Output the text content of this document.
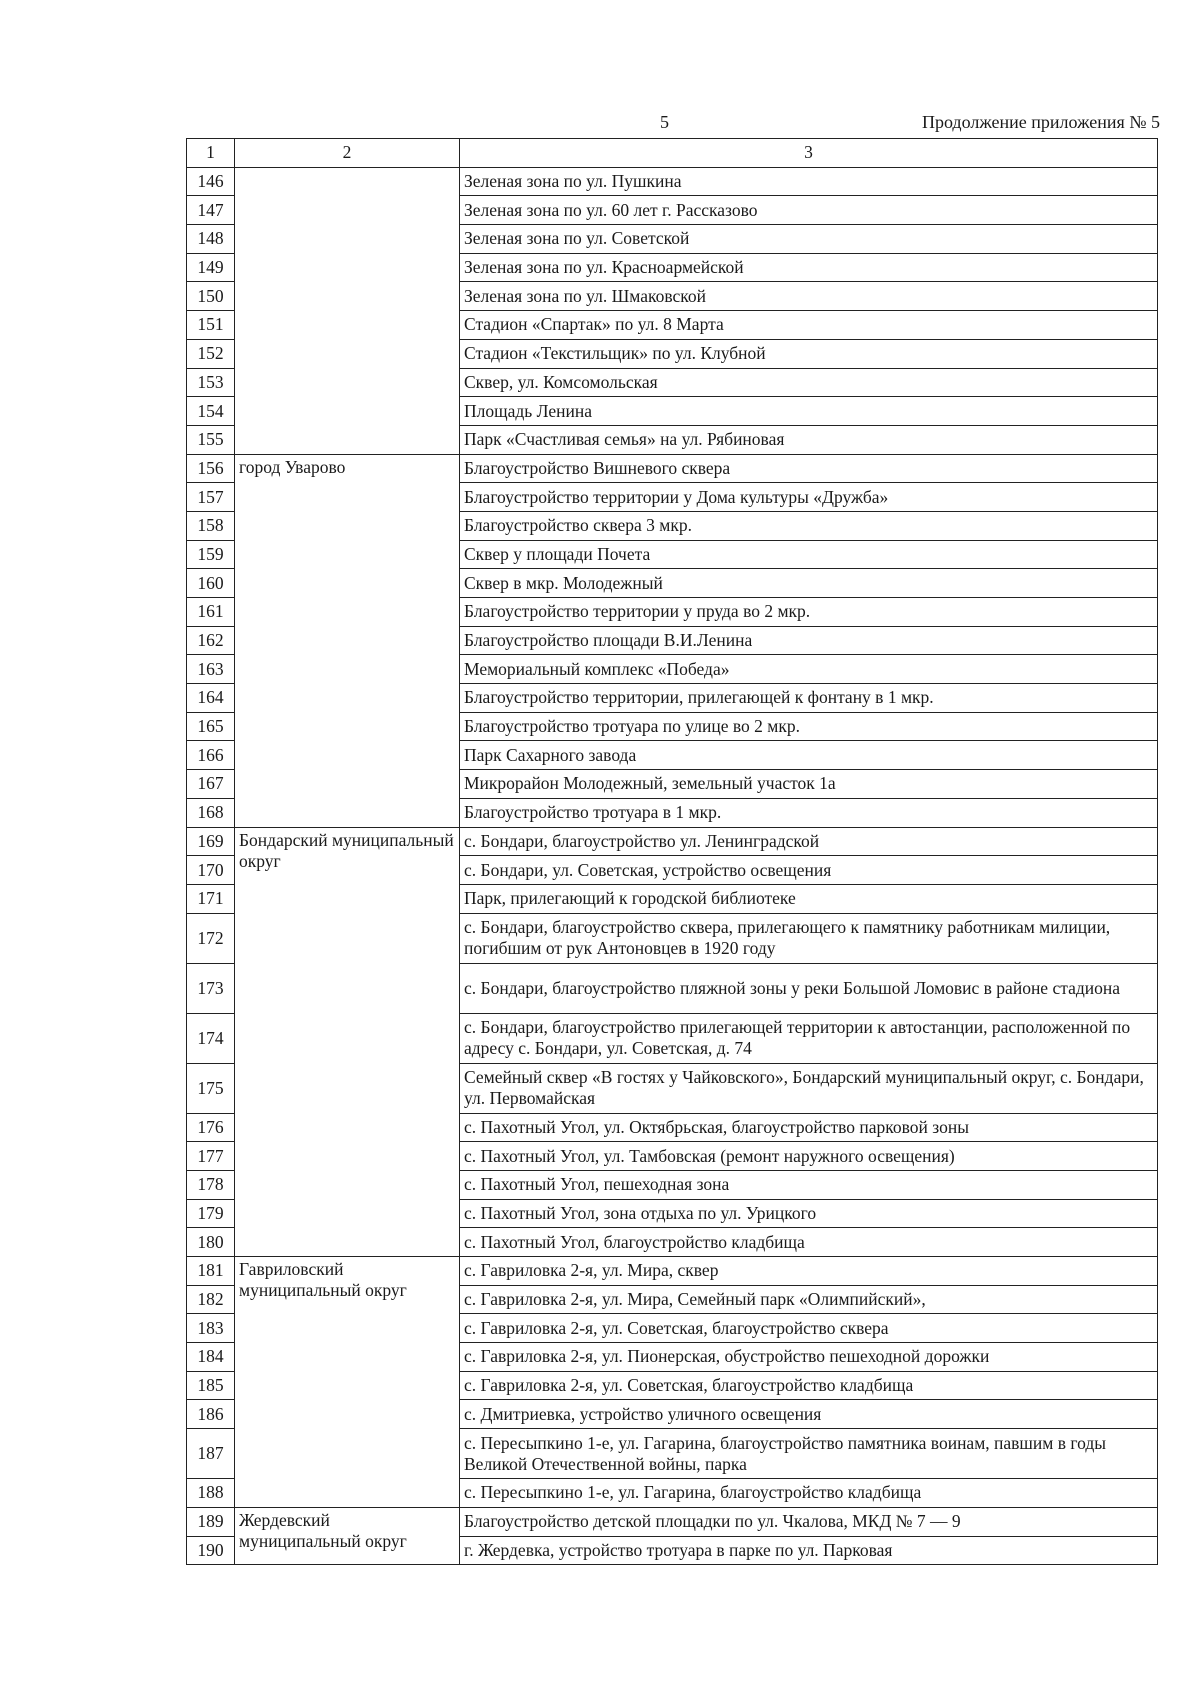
5	Продолжение приложения № 5
1	2	3
146		Зеленая зона по ул. Пушкина
147		Зеленая зона по ул. 60 лет г. Рассказово
148		Зеленая зона по ул. Советской
149		Зеленая зона по ул. Красноармейской
150		Зеленая зона по ул. Шмаковской
151		Стадион «Спартак» по ул. 8 Марта
152		Стадион «Текстильщик» по ул. Клубной
153		Сквер, ул. Комсомольская
154		Площадь Ленина
155		Парк «Счастливая семья» на ул. Рябиновая
156	город Уварово	Благоустройство Вишневого сквера
157		Благоустройство территории у Дома культуры «Дружба»
158		Благоустройство сквера 3 мкр.
159		Сквер у площади Почета
160		Сквер в мкр. Молодежный
161		Благоустройство территории у пруда во 2 мкр.
162		Благоустройство площади В.И.Ленина
163		Мемориальный комплекс «Победа»
164		Благоустройство территории, прилегающей к фонтану в 1 мкр.
165		Благоустройство тротуара по улице во 2 мкр.
166		Парк Сахарного завода
167		Микрорайон Молодежный, земельный участок 1а
168		Благоустройство тротуара в 1 мкр.
169	Бондарский муниципальный округ	с. Бондари, благоустройство ул. Ленинградской
170		с. Бондари, ул. Советская, устройство освещения
171		Парк, прилегающий к городской библиотеке
172		с. Бондари, благоустройство сквера, прилегающего к памятнику работникам милиции, погибшим от рук Антоновцев в 1920 году
173		с. Бондари, благоустройство пляжной зоны у реки Большой Ломовис в районе стадиона
174		с. Бондари, благоустройство прилегающей территории к автостанции, расположенной по адресу с. Бондари, ул. Советская, д. 74
175		Семейный сквер «В гостях у Чайковского», Бондарский муниципальный округ, с. Бондари, ул. Первомайская
176		с. Пахотный Угол, ул. Октябрьская, благоустройство парковой зоны
177		с. Пахотный Угол, ул. Тамбовская (ремонт наружного освещения)
178		с. Пахотный Угол, пешеходная зона
179		с. Пахотный Угол, зона отдыха по ул. Урицкого
180		с. Пахотный Угол, благоустройство кладбища
181	Гавриловский муниципальный округ	с. Гавриловка 2-я, ул. Мира, сквер
182		с. Гавриловка 2-я, ул. Мира, Семейный парк «Олимпийский»,
183		с. Гавриловка 2-я, ул. Советская, благоустройство сквера
184		с. Гавриловка 2-я, ул. Пионерская, обустройство пешеходной дорожки
185		с. Гавриловка 2-я, ул. Советская, благоустройство кладбища
186		с. Дмитриевка, устройство уличного освещения
187		с. Пересыпкино 1-е, ул. Гагарина, благоустройство памятника воинам, павшим в годы Великой Отечественной войны, парка
188		с. Пересыпкино 1-е, ул. Гагарина, благоустройство кладбища
189	Жердевский муниципальный округ	Благоустройство детской площадки по ул. Чкалова, МКД № 7 — 9
190		г. Жердевка, устройство тротуара в парке по ул. Парковая
